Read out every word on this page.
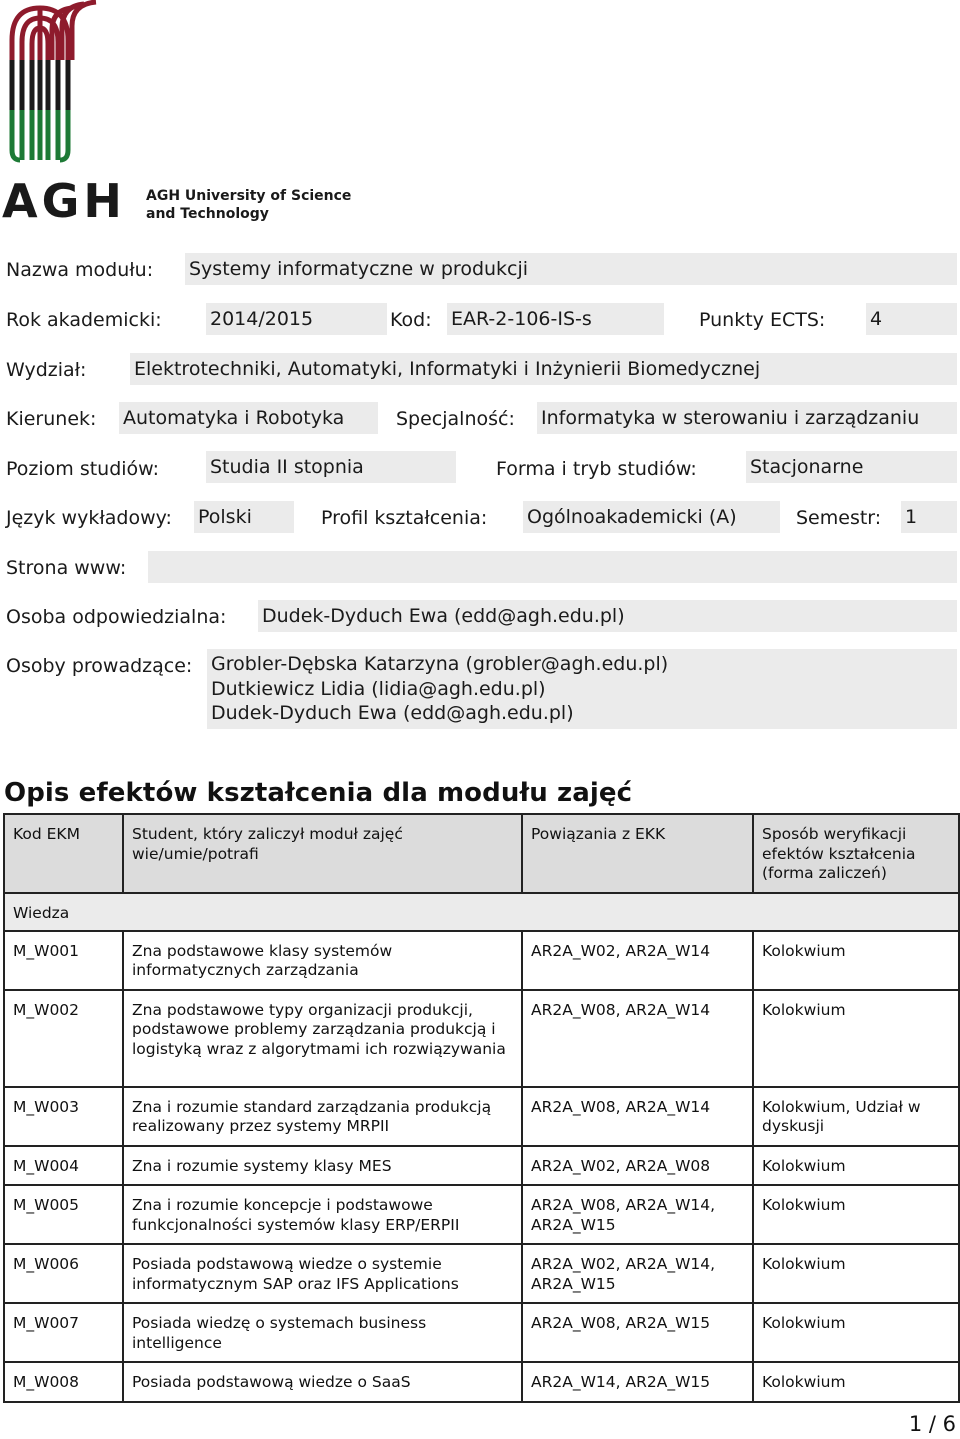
AGH AGH University of Science
and Technology
Nazwa modułu: Systemy informatyczne w produkcji
Rok akademicki:	2014/2015	Kod: EAR-2-106-IS-s	Punkty ECTS: 4
Wydział:	Elektrotechniki, Automatyki, Informatyki i Inżynierii Biomedycznej
Kierunek: Automatyka i Robotyka	Specjalność: Informatyka w sterowaniu i zarządzaniu
Poziom studiów:	Studia II stopnia	Forma i tryb studiów:	Stacjonarne
Język wykładowy: Polski	Profil kształcenia: Ogólnoakademicki (A)	Semestr: 1
Strona www:
Osoba odpowiedzialna: Dudek-Dyduch Ewa (edd@agh.edu.pl)
Osoby prowadzące: Grobler-Dębska Katarzyna (grobler@agh.edu.pl)
Dutkiewicz Lidia (lidia@agh.edu.pl)
Dudek-Dyduch Ewa (edd@agh.edu.pl)
Opis efektów kształcenia dla modułu zajęć
Kod EKM	Student, który zaliczył moduł zajęć wie/umie/potrafi	Powiązania z EKK	Sposób weryfikacji efektów kształcenia (forma zaliczeń)
Wiedza			
M_W001	Zna podstawowe klasy systemów informatycznych zarządzania	AR2A_W02, AR2A_W14	Kolokwium
M_W002	Zna podstawowe typy organizacji produkcji, podstawowe problemy zarządzania produkcją i logistyką wraz z algorytmami ich rozwiązywania	AR2A_W08, AR2A_W14	Kolokwium
M_W003	Zna i rozumie standard zarządzania produkcją realizowany przez systemy MRPII	AR2A_W08, AR2A_W14	Kolokwium, Udział w dyskusji
M_W004	Zna i rozumie systemy klasy MES	AR2A_W02, AR2A_W08	Kolokwium
M_W005	Zna i rozumie koncepcje i podstawowe funkcjonalności systemów klasy ERP/ERPII	AR2A_W08, AR2A_W14, AR2A_W15	Kolokwium
M_W006	Posiada podstawową wiedze o systemie informatycznym SAP oraz IFS Applications	AR2A_W02, AR2A_W14, AR2A_W15	Kolokwium
M_W007	Posiada wiedzę o systemach business intelligence	AR2A_W08, AR2A_W15	Kolokwium
M_W008	Posiada podstawową wiedze o SaaS	AR2A_W14, AR2A_W15	Kolokwium
1 / 6
